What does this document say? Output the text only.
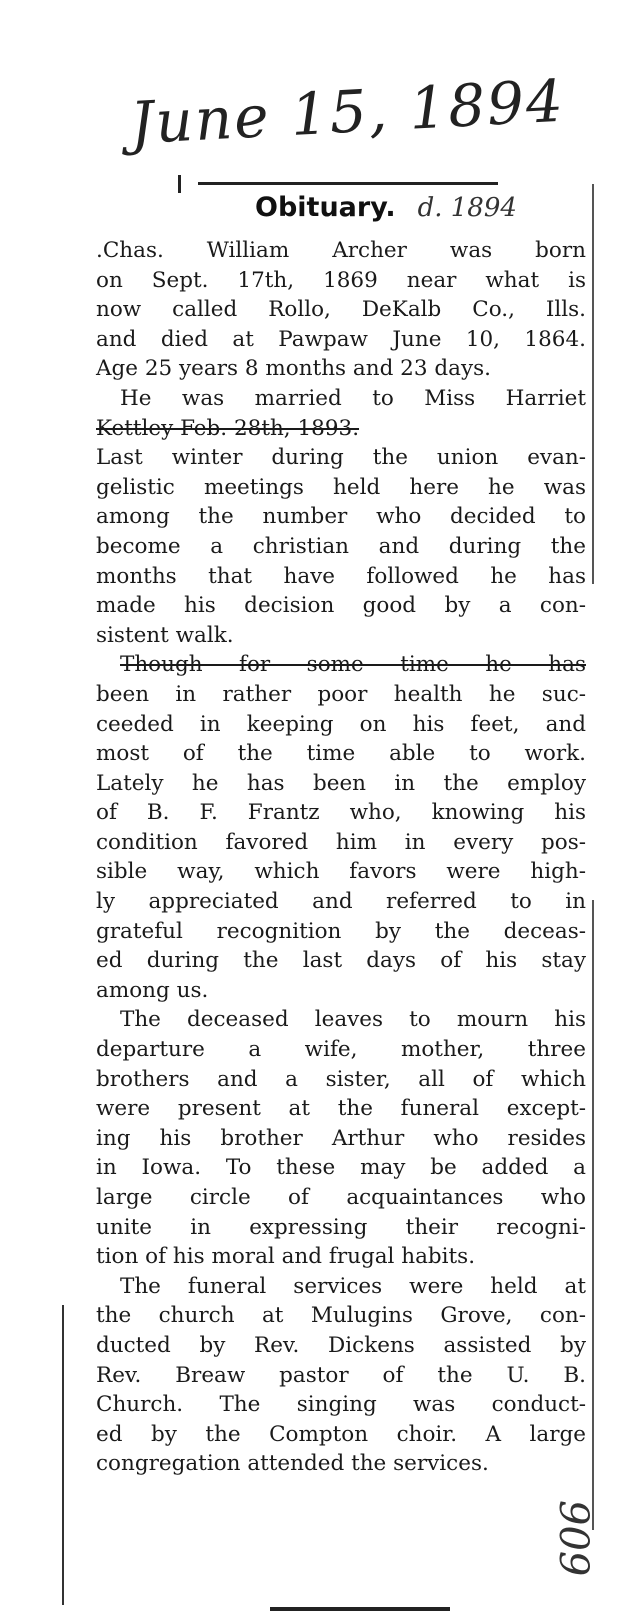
June 15, 1894
Obituary. d. 1894
.Chas. William Archer was born
on Sept. 17th, 1869 near what is
now called Rollo, DeKalb Co., Ills.
and died at Pawpaw June 10, 1864.
Age 25 years 8 months and 23 days.
He was married to Miss Harriet
Kettley Feb. 28th, 1893.
Last winter during the union evan-
gelistic meetings held here he was
among the number who decided to
become a christian and during the
months that have followed he has
made his decision good by a con-
sistent walk.
Though for some time he has
been in rather poor health he suc-
ceeded in keeping on his feet, and
most of the time able to work.
Lately he has been in the employ
of B. F. Frantz who, knowing his
condition favored him in every pos-
sible way, which favors were high-
ly appreciated and referred to in
grateful recognition by the deceas-
ed during the last days of his stay
among us.
The deceased leaves to mourn his
departure a wife, mother, three
brothers and a sister, all of which
were present at the funeral except-
ing his brother Arthur who resides
in Iowa. To these may be added a
large circle of acquaintances who
unite in expressing their recogni-
tion of his moral and frugal habits.
The funeral services were held at
the church at Mulugins Grove, con-
ducted by Rev. Dickens assisted by
Rev. Breaw pastor of the U. B.
Church. The singing was conduct-
ed by the Compton choir. A large
congregation attended the services.
909
